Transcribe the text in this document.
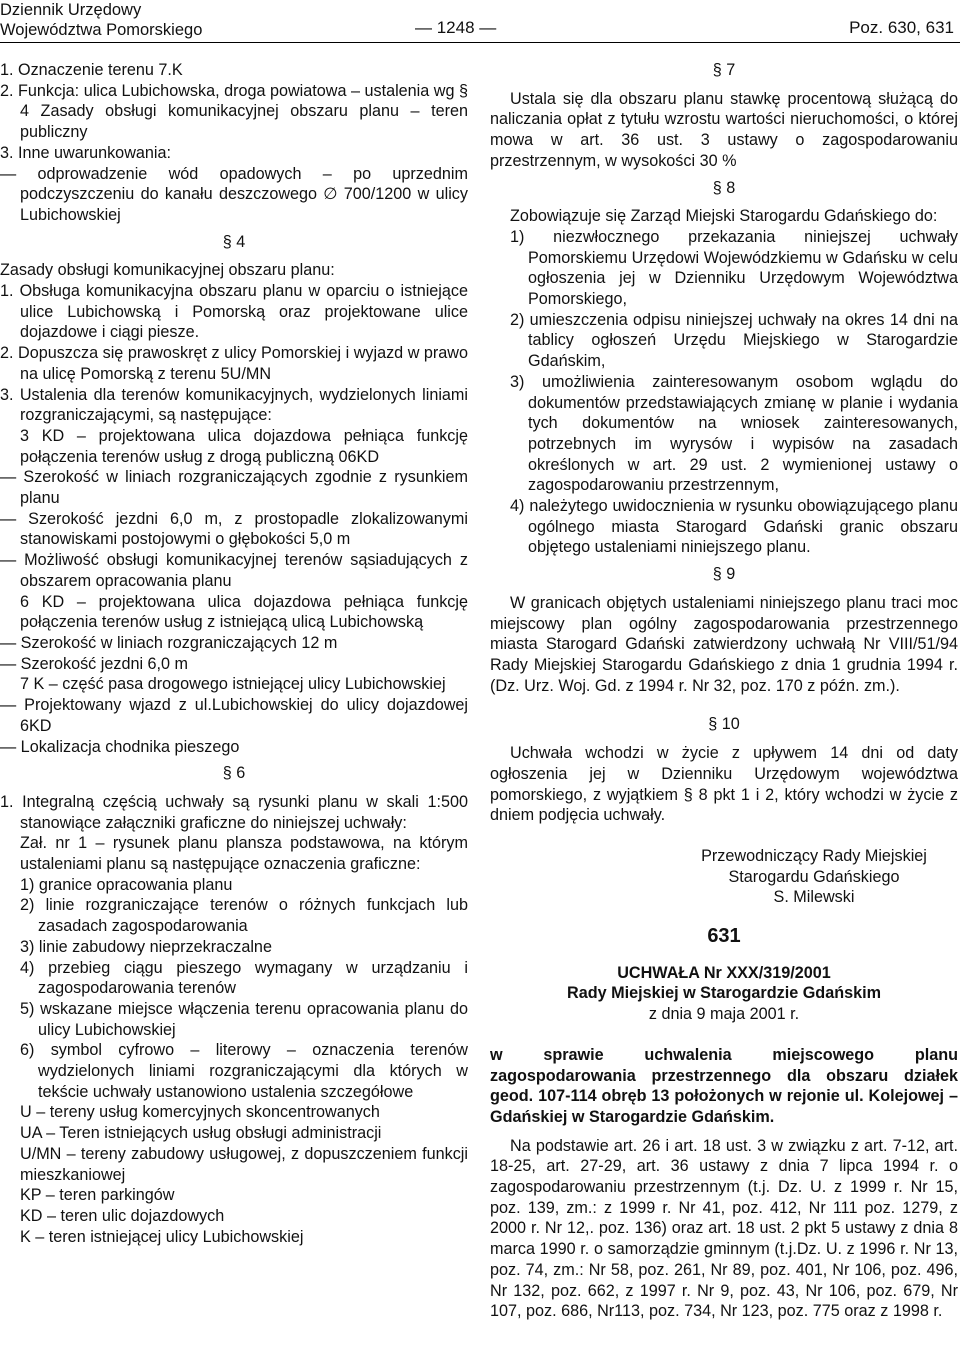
Dziennik Urzędowy
Województwa Pomorskiego	— 1248 —	Poz. 630, 631

1. Oznaczenie terenu 7.K

2. Funkcja: ulica Lubichowska, droga powiatowa – ustalenia wg § 4 Zasady obsługi komunikacyjnej obszaru planu – teren publiczny

3. Inne uwarunkowania:

— odprowadzenie wód opadowych – po uprzednim podczyszczeniu do kanału deszczowego ∅ 700/1200 w ulicy Lubichowskiej

§ 4

Zasady obsługi komunikacyjnej obszaru planu:

1. Obsługa komunikacyjna obszaru planu w oparciu o istniejące ulice Lubichowską i Pomorską oraz projektowane ulice dojazdowe i ciągi piesze.

2. Dopuszcza się prawoskręt z ulicy Pomorskiej i wyjazd w prawo na ulicę Pomorską z terenu 5U/MN

3. Ustalenia dla terenów komunikacyjnych, wydzielonych liniami rozgraniczającymi, są następujące:

3 KD – projektowana ulica dojazdowa pełniąca funkcję połączenia terenów usług z drogą publiczną 06KD

— Szerokość w liniach rozgraniczających zgodnie z rysunkiem planu

— Szerokość jezdni 6,0 m, z prostopadle zlokalizowanymi stanowiskami postojowymi o głębokości 5,0 m

— Możliwość obsługi komunikacyjnej terenów sąsiadujących z obszarem opracowania planu

6 KD – projektowana ulica dojazdowa pełniąca funkcję połączenia terenów usług z istniejącą ulicą Lubichowską

— Szerokość w liniach rozgraniczających 12 m

— Szerokość jezdni 6,0 m

7 K – część pasa drogowego istniejącej ulicy Lubichowskiej

— Projektowany wjazd z ul.Lubichowskiej do ulicy dojazdowej 6KD

— Lokalizacja chodnika pieszego

§ 6

1. Integralną częścią uchwały są rysunki planu w skali 1:500 stanowiące załączniki graficzne do niniejszej uchwały:

Zał. nr 1 – rysunek planu plansza podstawowa, na którym ustaleniami planu są następujące oznaczenia graficzne:

1) granice opracowania planu

2) linie rozgraniczające terenów o różnych funkcjach lub zasadach zagospodarowania

3) linie zabudowy nieprzekraczalne

4) przebieg ciągu pieszego wymagany w urządzaniu i zagospodarowania terenów

5) wskazane miejsce włączenia terenu opracowania planu do ulicy Lubichowskiej

6) symbol cyfrowo – literowy – oznaczenia terenów wydzielonych liniami rozgraniczającymi dla których w tekście uchwały ustanowiono ustalenia szczegółowe

U – tereny usług komercyjnych skoncentrowanych

UA – Teren istniejących usług obsługi administracji

U/MN – tereny zabudowy usługowej, z dopuszczeniem funkcji mieszkaniowej

KP – teren parkingów

KD – teren ulic dojazdowych

K – teren istniejącej ulicy Lubichowskiej

§ 7

Ustala się dla obszaru planu stawkę procentową służącą do naliczania opłat z tytułu wzrostu wartości nieruchomości, o której mowa w art. 36 ust. 3 ustawy o zagospodarowaniu przestrzennym, w wysokości 30 %

§ 8

Zobowiązuje się Zarząd Miejski Starogardu Gdańskiego do:

1) niezwłocznego przekazania niniejszej uchwały Pomorskiemu Urzędowi Wojewódzkiemu w Gdańsku w celu ogłoszenia jej w Dzienniku Urzędowym Województwa Pomorskiego,

2) umieszczenia odpisu niniejszej uchwały na okres 14 dni na tablicy ogłoszeń Urzędu Miejskiego w Starogardzie Gdańskim,

3) umożliwienia zainteresowanym osobom wglądu do dokumentów przedstawiających zmianę w planie i wydania tych dokumentów na wniosek zainteresowanych, potrzebnych im wyrysów i wypisów na zasadach określonych w art. 29 ust. 2 wymienionej ustawy o zagospodarowaniu przestrzennym,

4) należytego uwidocznienia w rysunku obowiązującego planu ogólnego miasta Starogard Gdański granic obszaru objętego ustaleniami niniejszego planu.

§ 9

W granicach objętych ustaleniami niniejszego planu traci moc miejscowy plan ogólny zagospodarowania przestrzennego miasta Starogard Gdański zatwierdzony uchwałą Nr VIII/51/94 Rady Miejskiej Starogardu Gdańskiego z dnia 1 grudnia 1994 r. (Dz. Urz. Woj. Gd. z 1994 r. Nr 32, poz. 170 z późn. zm.).

§ 10

Uchwała wchodzi w życie z upływem 14 dni od daty ogłoszenia jej w Dzienniku Urzędowym województwa pomorskiego, z wyjątkiem § 8 pkt 1 i 2, który wchodzi w życie z dniem podjęcia uchwały.

Przewodniczący Rady Miejskiej

Starogardu Gdańskiego

S. Milewski

631

UCHWAŁA Nr XXX/319/2001

Rady Miejskiej w Starogardzie Gdańskim

z dnia 9 maja 2001 r.

w sprawie uchwalenia miejscowego planu zagospodarowania przestrzennego dla obszaru działek geod. 107-114 obręb 13 położonych w rejonie ul. Kolejowej – Gdańskiej w Starogardzie Gdańskim.

Na podstawie art. 26 i art. 18 ust. 3 w związku z art. 7-12, art. 18-25, art. 27-29, art. 36 ustawy z dnia 7 lipca 1994 r. o zagospodarowaniu przestrzennym (t.j. Dz. U. z 1999 r. Nr 15, poz. 139, zm.: z 1999 r. Nr 41, poz. 412, Nr 111 poz. 1279, z 2000 r. Nr 12,. poz. 136) oraz art. 18 ust. 2 pkt 5 ustawy z dnia 8 marca 1990 r. o samorządzie gminnym (t.j.Dz. U. z 1996 r. Nr 13, poz. 74, zm.: Nr 58, poz. 261, Nr 89, poz. 401, Nr 106, poz. 496, Nr 132, poz. 662, z 1997 r. Nr 9, poz. 43, Nr 106, poz. 679, Nr 107, poz. 686, Nr113, poz. 734, Nr 123, poz. 775 oraz z 1998 r.
